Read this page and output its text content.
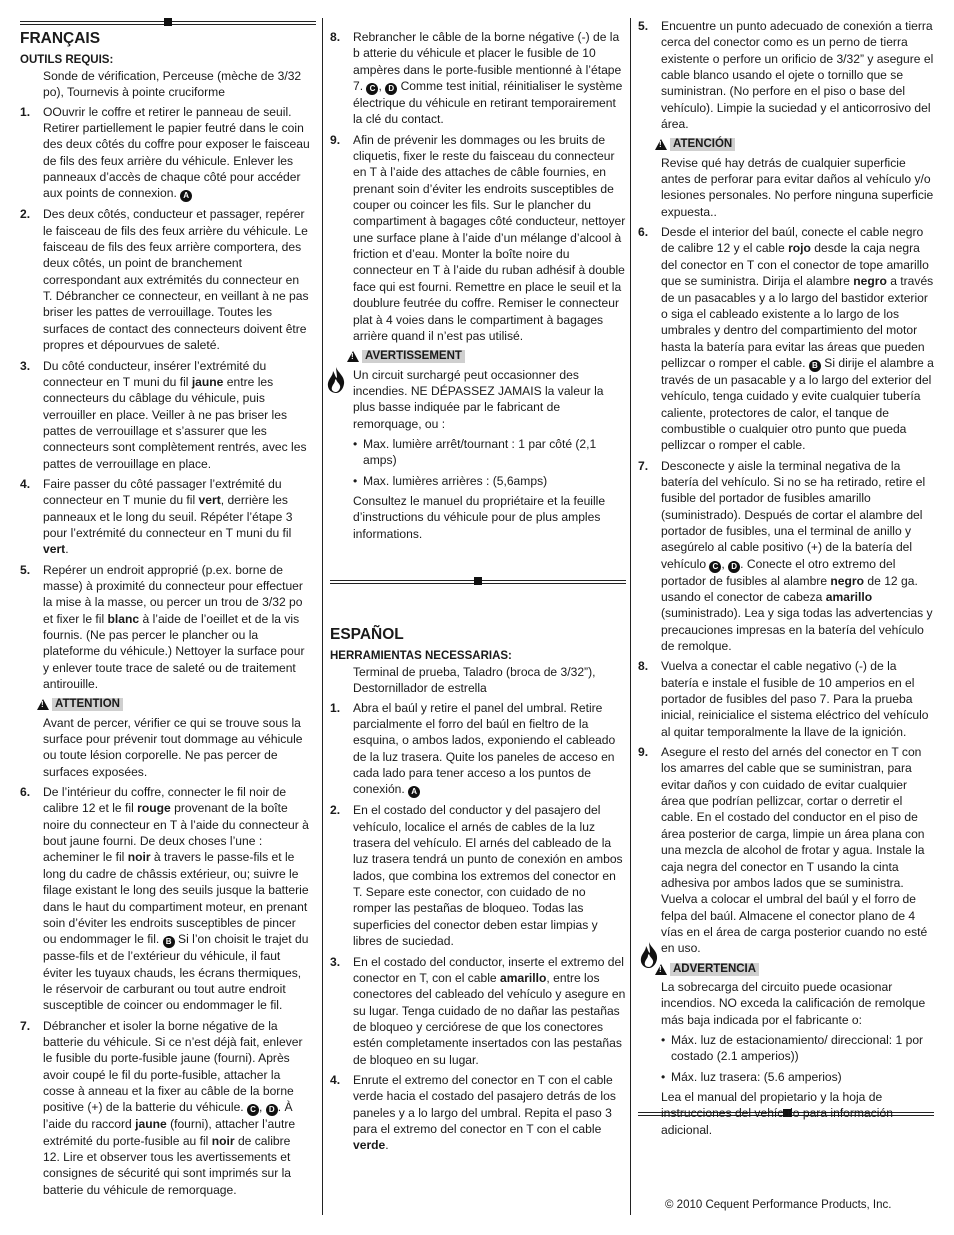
FRANÇAIS
OUTILS REQUIS:
Sonde de vérification, Perceuse (mèche de 3/32 po), Tournevis à pointe cruciforme
1. OOuvrir le coffre et retirer le panneau de seuil. Retirer partiellement le papier feutré dans le coin des deux côtés du coffre pour exposer le faisceau de fils des feux arrière du véhicule. Enlever les panneaux d’accès de chaque côté pour accéder aux points de connexion. A
2. Des deux côtés, conducteur et passager, repérer le faisceau de fils des feux arrière du véhicule. Le faisceau de fils des feux arrière comportera, des deux côtés, un point de branchement correspondant aux extrémités du connecteur en T. Débrancher ce connecteur, en veillant à ne pas briser les pattes de verrouillage. Toutes les surfaces de contact des connecteurs doivent être propres et dépourvues de saleté.
3. Du côté conducteur, insérer l’extrémité du connecteur en T muni du fil jaune entre les connecteurs du câblage du véhicule, puis verrouiller en place. Veiller à ne pas briser les pattes de verrouillage et s’assurer que les connecteurs sont complètement rentrés, avec les pattes de verrouillage en place.
4. Faire passer du côté passager l’extrémité du connecteur en T munie du fil vert, derrière les panneaux et le long du seuil. Répéter l’étape 3 pour l’extrémité du connecteur en T muni du fil vert.
5. Repérer un endroit approprié (p.ex. borne de masse) à proximité du connecteur pour effectuer la mise à la masse, ou percer un trou de 3/32 po et fixer le fil blanc à l’aide de l’oeillet et de la vis fournis. (Ne pas percer le plancher ou la plateforme du véhicule.) Nettoyer la surface pour y enlever toute trace de saleté ou de traitement antirouille.
!
ATTENTION
Avant de percer, vérifier ce qui se trouve sous la surface pour prévenir tout dommage au véhicule ou toute lésion corporelle. Ne pas percer de surfaces exposées.
6. De l’intérieur du coffre, connecter le fil noir de calibre 12 et le fil rouge provenant de la boîte noire du connecteur en T à l’aide du connecteur à bout jaune fourni. De deux choses l’une : acheminer le fil noir à travers le passe-fils et le long du cadre de châssis extérieur, ou; suivre le filage existant le long des seuils jusque la batterie dans le haut du compartiment moteur, en prenant soin d’éviter les endroits susceptibles de pincer ou endommager le fil. B Si l’on choisit le trajet du passe-fils et de l’extérieur du véhicule, il faut éviter les tuyaux chauds, les écrans thermiques, le réservoir de carburant ou tout autre endroit susceptible de coincer ou endommager le fil.
7. Débrancher et isoler la borne négative de la batterie du véhicule. Si ce n’est déjà fait, enlever le fusible du porte-fusible jaune (fourni). Après avoir coupé le fil du porte-fusible, attacher la cosse à anneau et la fixer au câble de la borne positive (+) de la batterie du véhicule. C , D . À l’aide du raccord jaune (fourni), attacher l’autre extrémité du porte-fusible au fil noir de calibre 12. Lire et observer tous les avertissements et consignes de sécurité qui sont imprimés sur la batterie du véhicule de remorquage.
8. Rebrancher le câble de la borne négative (-) de la b atterie du véhicule et placer le fusible de 10 ampères dans le porte-fusible mentionné à l’étape 7. C , D Comme test initial, réinitialiser le système électrique du véhicule en retirant temporairement la clé du contact.
9. Afin de prévenir les dommages ou les bruits de cliquetis, fixer le reste du faisceau du connecteur en T à l’aide des attaches de câble fournies, en prenant soin d’éviter les endroits susceptibles de couper ou coincer les fils. Sur le plancher du compartiment à bagages côté conducteur, nettoyer une surface plane à l’aide d’un mélange d’alcool à friction et d’eau. Monter la boîte noire du connecteur en T à l’aide du ruban adhésif à double face qui est fourni. Remettre en place le seuil et la doublure feutrée du coffre. Remiser le connecteur plat à 4 voies dans le compartiment à bagages arrière quand il n’est pas utilisé.
!
AVERTISSEMENT
Un circuit surchargé peut occasionner des incendies. NE DÉPASSEZ JAMAIS la valeur la plus basse indiquée par le fabricant de remorquage, ou :
• Max. lumière arrêt/tournant : 1 par côté (2,1 amps)
• Max. lumières arrières : (5,6amps)
Consultez le manuel du propriétaire et la feuille d’instructions du véhicule pour de plus amples informations.
ESPAÑOL
HERRAMIENTAS NECESSARIAS:
Terminal de prueba, Taladro (broca de 3/32”), Destornillador de estrella
1. Abra el baúl y retire el panel del umbral. Retire parcialmente el forro del baúl en fieltro de la esquina, o ambos lados, exponiendo el cableado de la luz trasera. Quite los paneles de acceso en cada lado para tener acceso a los puntos de conexión. A
2. En el costado del conductor y del pasajero del vehículo, localice el arnés de cables de la luz trasera del vehículo. El arnés del cableado de la luz trasera tendrá un punto de conexión en ambos lados, que combina los extremos del conector en T. Separe este conector, con cuidado de no romper las pestañas de bloqueo. Todas las superficies del conector deben estar limpias y libres de suciedad.
3. En el costado del conductor, inserte el extremo del conector en T, con el cable amarillo, entre los conectores del cableado del vehículo y asegure en su lugar. Tenga cuidado de no dañar las pestañas de bloqueo y cerciórese de que los conectores estén completamente insertados con las pestañas de bloqueo en su lugar.
4. Enrute el extremo del conector en T con el cable verde hacia el costado del pasajero detrás de los paneles y a lo largo del umbral. Repita el paso 3 para el extremo del conector en T con el cable verde.
5. Encuentre un punto adecuado de conexión a tierra cerca del conector como es un perno de tierra existente o perfore un orificio de 3/32” y asegure el cable blanco usando el ojete o tornillo que se suministran. (No perfore en el piso o base del vehículo). Limpie la suciedad y el anticorrosivo del área.
!
ATENCIÓN
Revise qué hay detrás de cualquier superficie antes de perforar para evitar daños al vehículo y/o lesiones personales. No perfore ninguna superficie expuesta..
6. Desde el interior del baúl, conecte el cable negro de calibre 12 y el cable rojo desde la caja negra del conector en T con el conector de tope amarillo que se suministra. Dirija el alambre negro a través de un pasacables y a lo largo del bastidor exterior o siga el cableado existente a lo largo de los umbrales y dentro del compartimiento del motor hasta la batería para evitar las áreas que pueden pellizcar o romper el cable. B Si dirije el alambre a través de un pasacable y a lo largo del exterior del vehículo, tenga cuidado y evite cualquier tubería caliente, protectores de calor, el tanque de combustible o cualquier otro punto que pueda pellizcar o romper el cable.
7. Desconecte y aisle la terminal negativa de la batería del vehículo. Si no se ha retirado, retire el fusible del portador de fusibles amarillo (suministrado). Después de cortar el alambre del portador de fusibles, una el terminal de anillo y asegúrelo al cable positivo (+) de la batería del vehículo C , D . Conecte el otro extremo del portador de fusibles al alambre negro de 12 ga. usando el conector de cabeza amarillo (suministrado). Lea y siga todas las advertencias y precauciones impresas en la batería del vehículo de remolque.
8. Vuelva a conectar el cable negativo (-) de la batería e instale el fusible de 10 amperios en el portador de fusibles del paso 7. Para la prueba inicial, reinicialice el sistema eléctrico del vehículo al quitar temporalmente la llave de la ignición.
9. Asegure el resto del arnés del conector en T con los amarres del cable que se suministran, para evitar daños y con cuidado de evitar cualquier área que podrían pellizcar, cortar o derretir el cable. En el costado del conductor en el piso de área posterior de carga, limpie un área plana con una mezcla de alcohol de frotar y agua. Instale la caja negra del conector en T usando la cinta adhesiva por ambos lados que se suministra. Vuelva a colocar el umbral del baúl y el forro de felpa del baúl. Almacene el conector plano de 4 vías en el área de carga posterior cuando no esté en uso.
!
ADVERTENCIA
La sobrecarga del circuito puede ocasionar incendios. NO exceda la calificación de remolque más baja indicada por el fabricante o:
• Máx. luz de estacionamiento/ direccional: 1 por costado (2.1 amperios))
• Máx. luz trasera: (5.6 amperios)
Lea el manual del propietario y la hoja de instrucciones del vehículo para información adicional.
© 2010 Cequent Performance Products, Inc.
